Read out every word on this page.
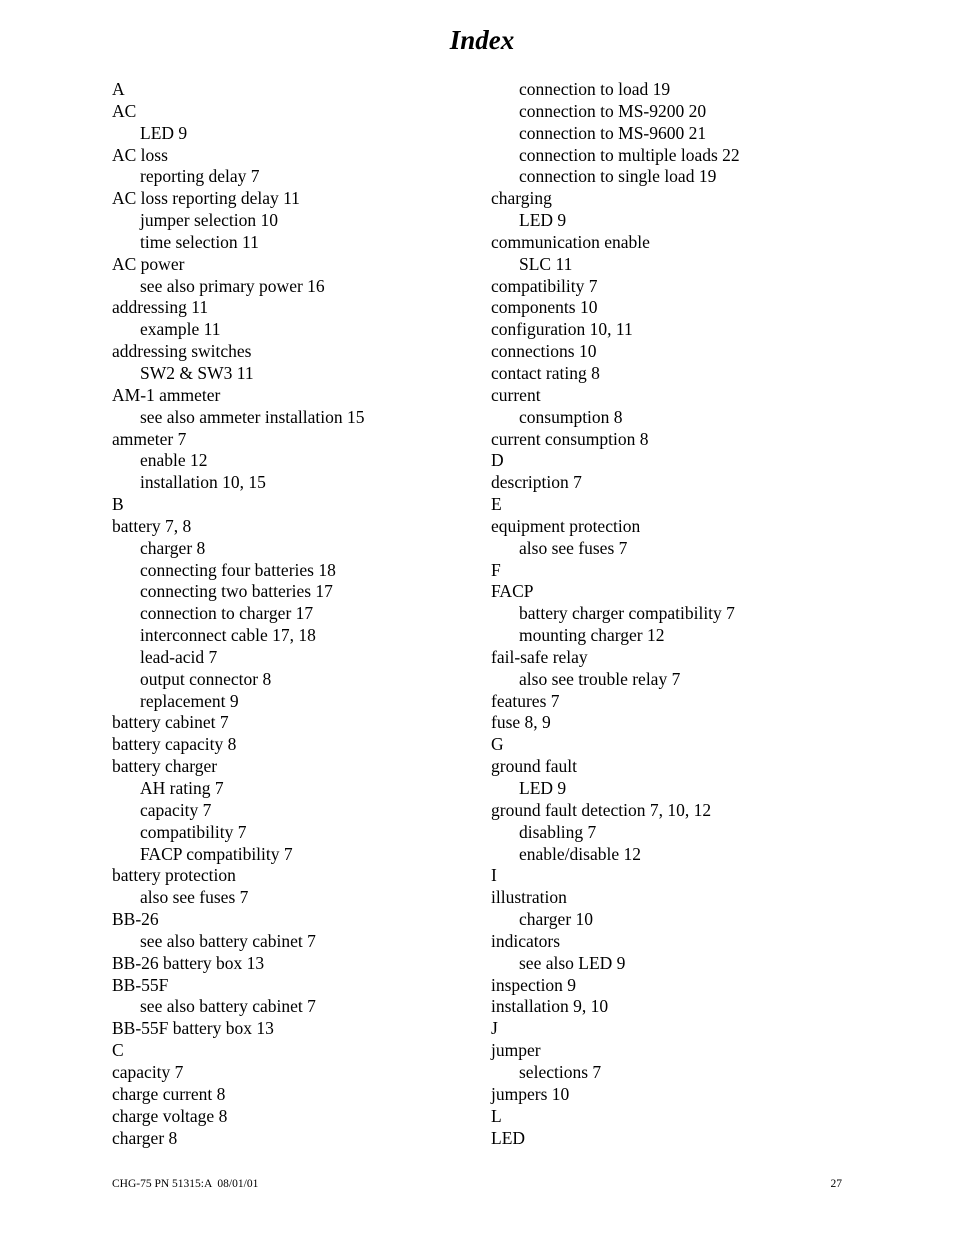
Index
A
AC
LED 9
AC loss
reporting delay 7
AC loss reporting delay 11
jumper selection 10
time selection 11
AC power
see also primary power 16
addressing 11
example 11
addressing switches
SW2 & SW3 11
AM-1 ammeter
see also ammeter installation 15
ammeter 7
enable 12
installation 10, 15
B
battery 7, 8
charger 8
connecting four batteries 18
connecting two batteries 17
connection to charger 17
interconnect cable 17, 18
lead-acid 7
output connector 8
replacement 9
battery cabinet 7
battery capacity 8
battery charger
AH rating 7
capacity 7
compatibility 7
FACP compatibility 7
battery protection
also see fuses 7
BB-26
see also battery cabinet 7
BB-26 battery box 13
BB-55F
see also battery cabinet 7
BB-55F battery box 13
C
capacity 7
charge current 8
charge voltage 8
charger 8
connection to load 19
connection to MS-9200 20
connection to MS-9600 21
connection to multiple loads 22
connection to single load 19
charging
LED 9
communication enable
SLC 11
compatibility 7
components 10
configuration 10, 11
connections 10
contact rating 8
current
consumption 8
current consumption 8
D
description 7
E
equipment protection
also see fuses 7
F
FACP
battery charger compatibility 7
mounting charger 12
fail-safe relay
also see trouble relay 7
features 7
fuse 8, 9
G
ground fault
LED 9
ground fault detection 7, 10, 12
disabling 7
enable/disable 12
I
illustration
charger 10
indicators
see also LED 9
inspection 9
installation 9, 10
J
jumper
selections 7
jumpers 10
L
LED
CHG-75 PN 51315:A  08/01/01	27
